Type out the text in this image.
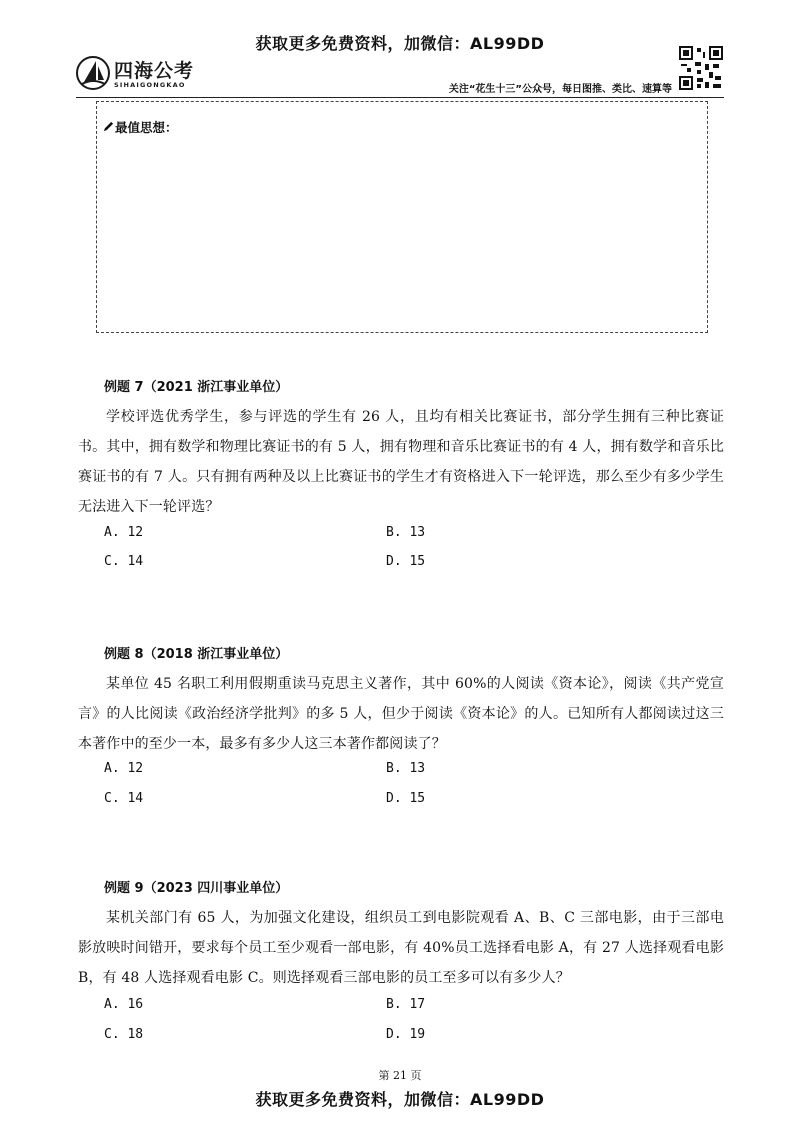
获取更多免费资料，加微信：AL99DD
四海公考
SIHAIGONGKAO	关注“花生十三”公众号，每日图推、类比、速算等
最值思想：
例题 7（2021 浙江事业单位）
学校评选优秀学生，参与评选的学生有 26 人，且均有相关比赛证书，部分学生拥有三种比赛证书。其中，拥有数学和物理比赛证书的有 5 人，拥有物理和音乐比赛证书的有 4 人，拥有数学和音乐比赛证书的有 7 人。只有拥有两种及以上比赛证书的学生才有资格进入下一轮评选，那么至少有多少学生无法进入下一轮评选？
A. 12	B. 13
C. 14	D. 15
例题 8（2018 浙江事业单位）
某单位 45 名职工利用假期重读马克思主义著作，其中 60%的人阅读《资本论》，阅读《共产党宣言》的人比阅读《政治经济学批判》的多 5 人，但少于阅读《资本论》的人。已知所有人都阅读过这三本著作中的至少一本，最多有多少人这三本著作都阅读了？
A. 12	B. 13
C. 14	D. 15
例题 9（2023 四川事业单位）
某机关部门有 65 人，为加强文化建设，组织员工到电影院观看 A、B、C 三部电影，由于三部电影放映时间错开，要求每个员工至少观看一部电影，有 40%员工选择看电影 A，有 27 人选择观看电影 B，有 48 人选择观看电影 C。则选择观看三部电影的员工至多可以有多少人？
A. 16	B. 17
C. 18	D. 19
第 21 页
获取更多免费资料，加微信：AL99DD
